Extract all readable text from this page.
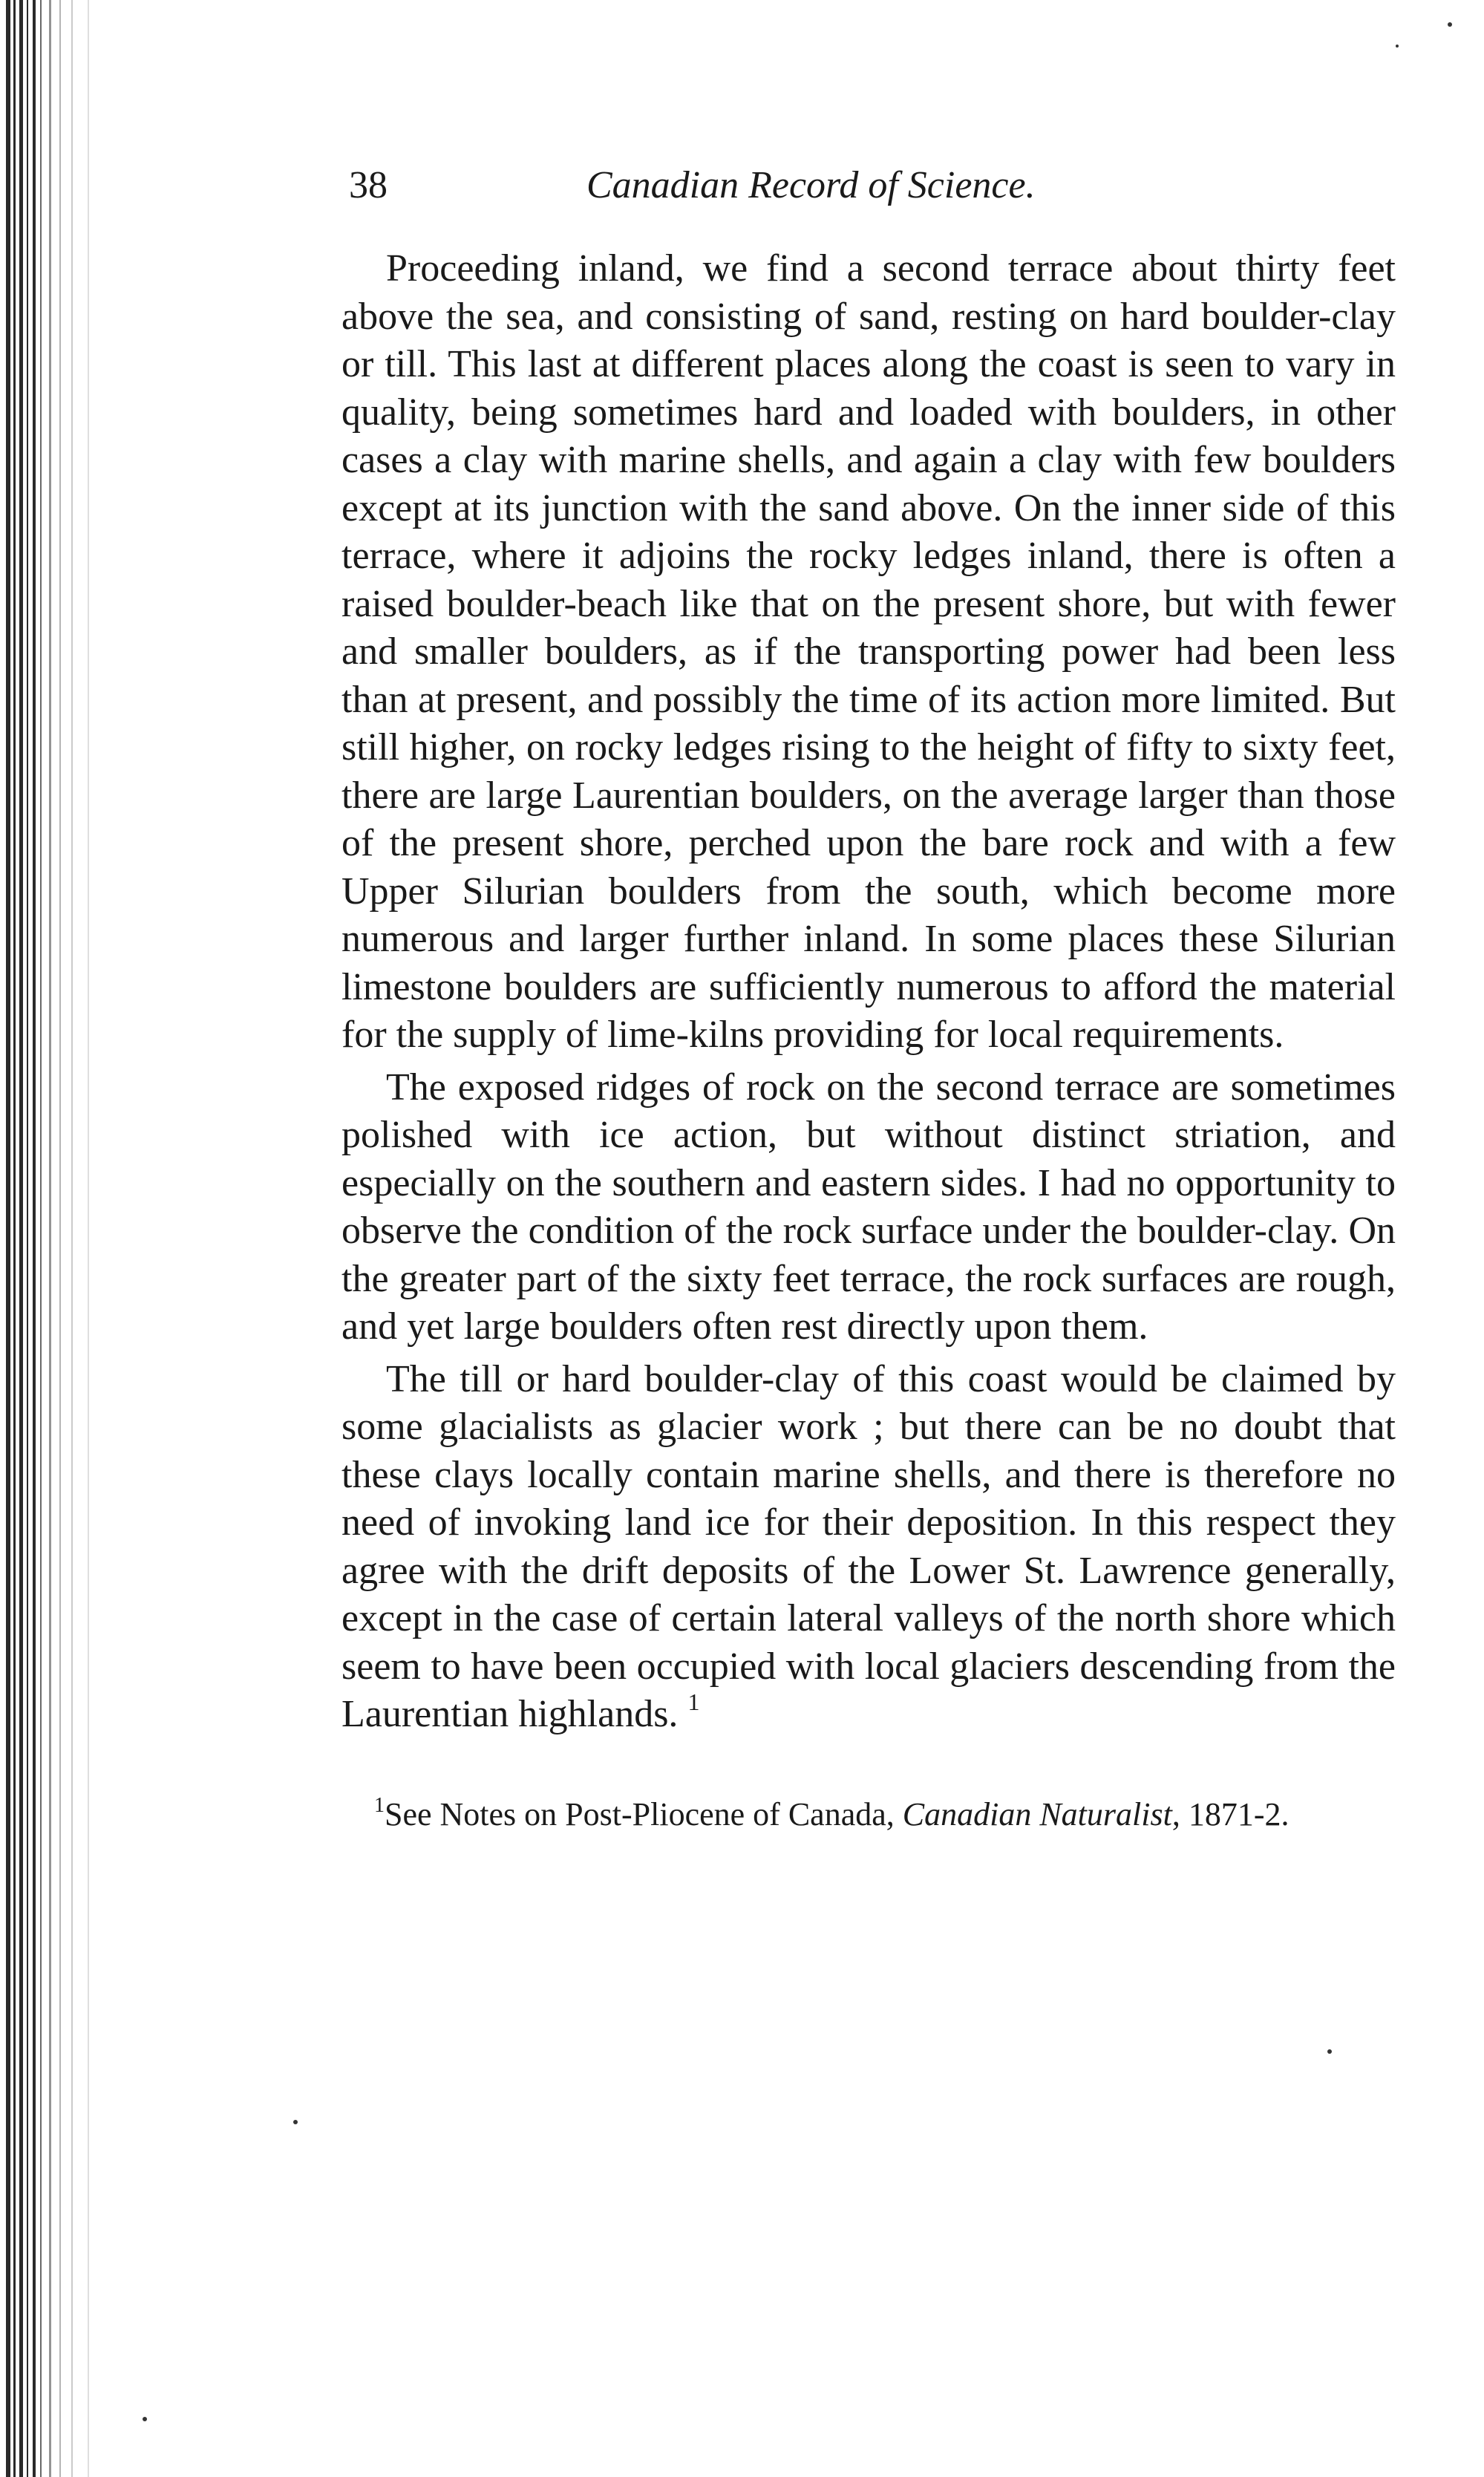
38	Canadian Record of Science.

Proceeding inland, we find a second terrace about thirty feet above the sea, and consisting of sand, resting on hard boulder-clay or till. This last at different places along the coast is seen to vary in quality, being sometimes hard and loaded with boulders, in other cases a clay with marine shells, and again a clay with few boulders except at its junction with the sand above. On the inner side of this terrace, where it adjoins the rocky ledges inland, there is often a raised boulder-beach like that on the present shore, but with fewer and smaller boulders, as if the transporting power had been less than at present, and possibly the time of its action more limited. But still higher, on rocky ledges rising to the height of fifty to sixty feet, there are large Laurentian boulders, on the average larger than those of the present shore, perched upon the bare rock and with a few Upper Silurian boulders from the south, which become more numerous and larger further inland. In some places these Silurian limestone boulders are sufficiently numerous to afford the material for the supply of lime-kilns providing for local requirements.

The exposed ridges of rock on the second terrace are sometimes polished with ice action, but without distinct striation, and especially on the southern and eastern sides. I had no opportunity to observe the condition of the rock surface under the boulder-clay. On the greater part of the sixty feet terrace, the rock surfaces are rough, and yet large boulders often rest directly upon them.

The till or hard boulder-clay of this coast would be claimed by some glacialists as glacier work ; but there can be no doubt that these clays locally contain marine shells, and there is therefore no need of invoking land ice for their deposition. In this respect they agree with the drift deposits of the Lower St. Lawrence generally, except in the case of certain lateral valleys of the north shore which seem to have been occupied with local glaciers descending from the Laurentian highlands. $^1$

$^1$See Notes on Post-Pliocene of Canada, Canadian Naturalist, 1871-2.
